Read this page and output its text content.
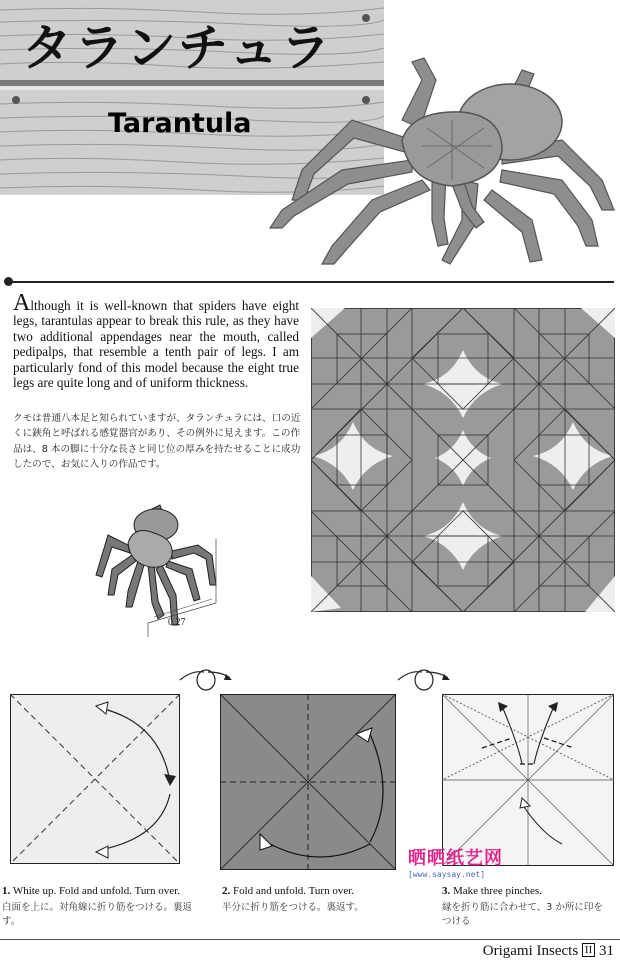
タランチュラ
Tarantula
Although it is well-known that spiders have eight legs, tarantulas appear to break this rule, as they have two additional appendages near the mouth, called pedipalps, that resemble a tenth pair of legs. I am particularly fond of this model because the eight true legs are quite long and of uniform thickness.
クモは普通八本足と知られていますが、タランチュラには、口の近くに鋏角と呼ばれる感覚器官があり、その例外に見えます。この作品は、8 本の脚に十分な長さと同じ位の厚みを持たせることに成功したので、お気に入りの作品です。
0.27
晒晒纸艺网
[www.saysay.net]
1. White up. Fold and unfold. Turn over.
白面を上に。対角線に折り筋をつける。裏返す。
2. Fold and unfold. Turn over.
半分に折り筋をつける。裏返す。
3. Make three pinches.
縁を折り筋に合わせて、3 か所に印をつける
Origami Insects II 31
